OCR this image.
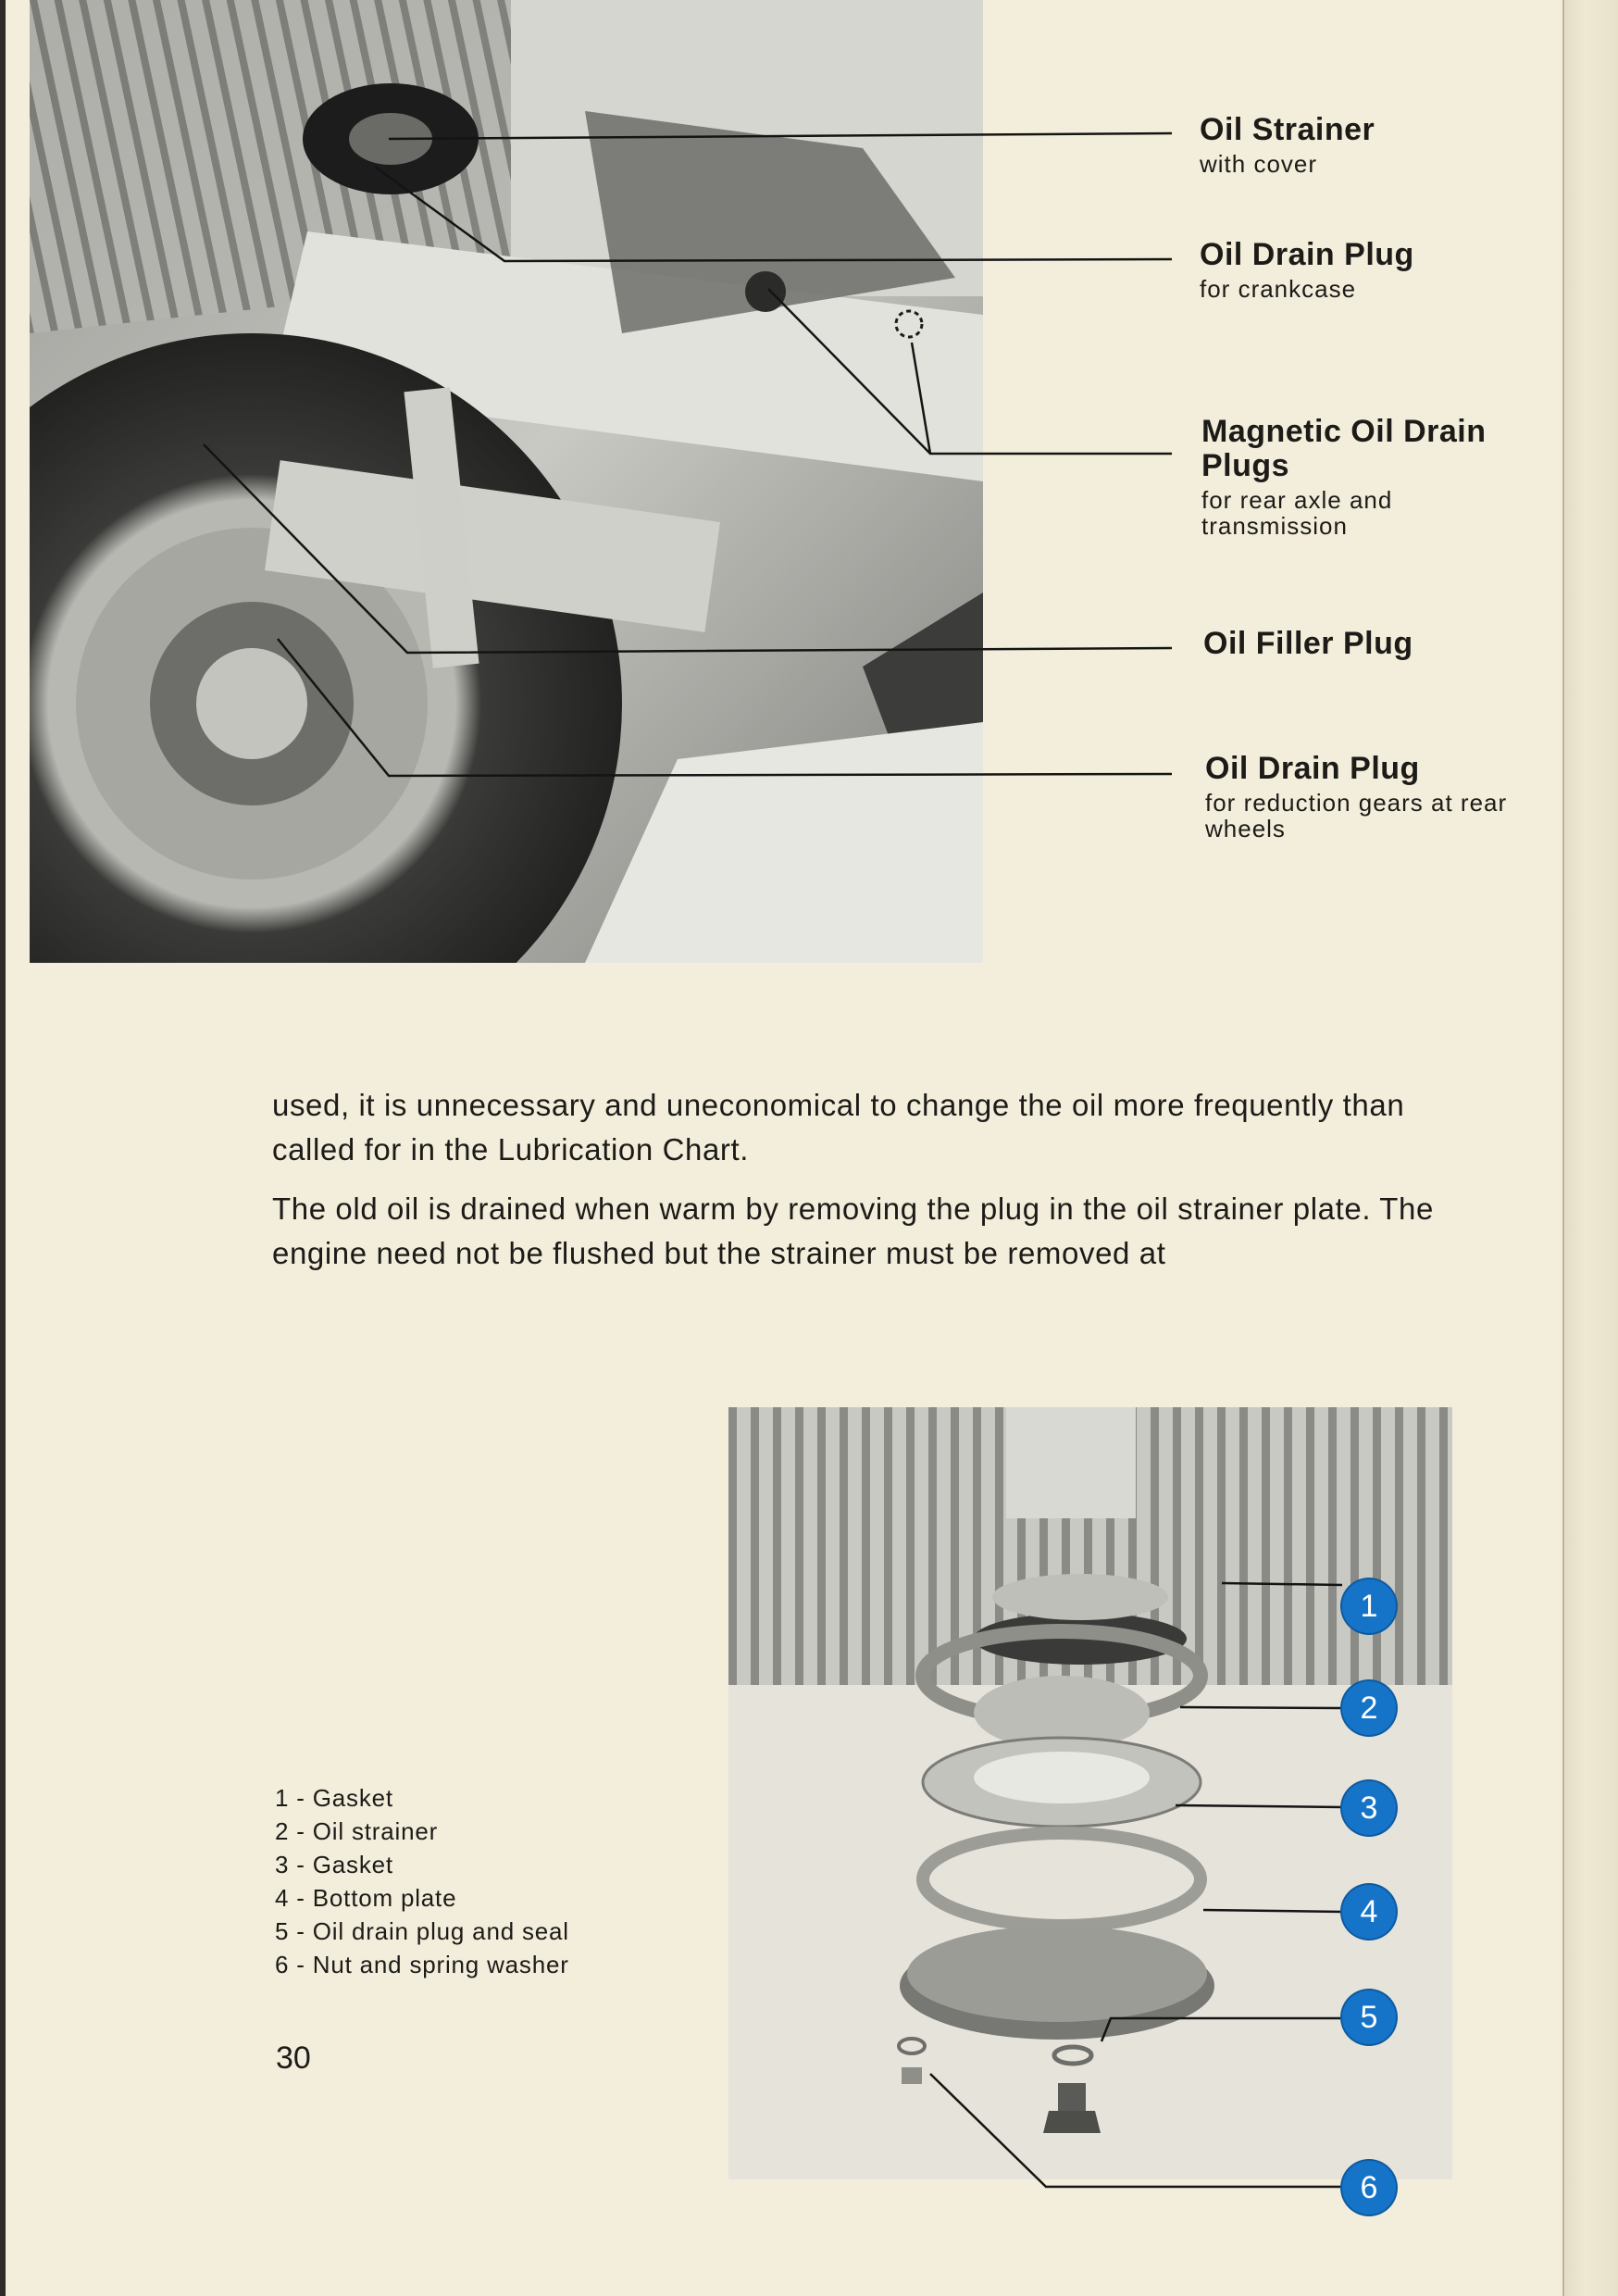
Oil Strainer
with cover
Oil Drain Plug
for crankcase
Magnetic Oil Drain Plugs
for rear axle and transmission
Oil Filler Plug
Oil Drain Plug
for reduction gears at rear wheels
used, it is unnecessary and uneconomical to change the oil more frequently than called for in the Lubrication Chart.
The old oil is drained when warm by removing the plug in the oil strainer plate. The engine need not be flushed but the strainer must be removed at
1
2
3
4
5
6
1 - Gasket
2 - Oil strainer
3 - Gasket
4 - Bottom plate
5 - Oil drain plug and seal
6 - Nut and spring washer
30
